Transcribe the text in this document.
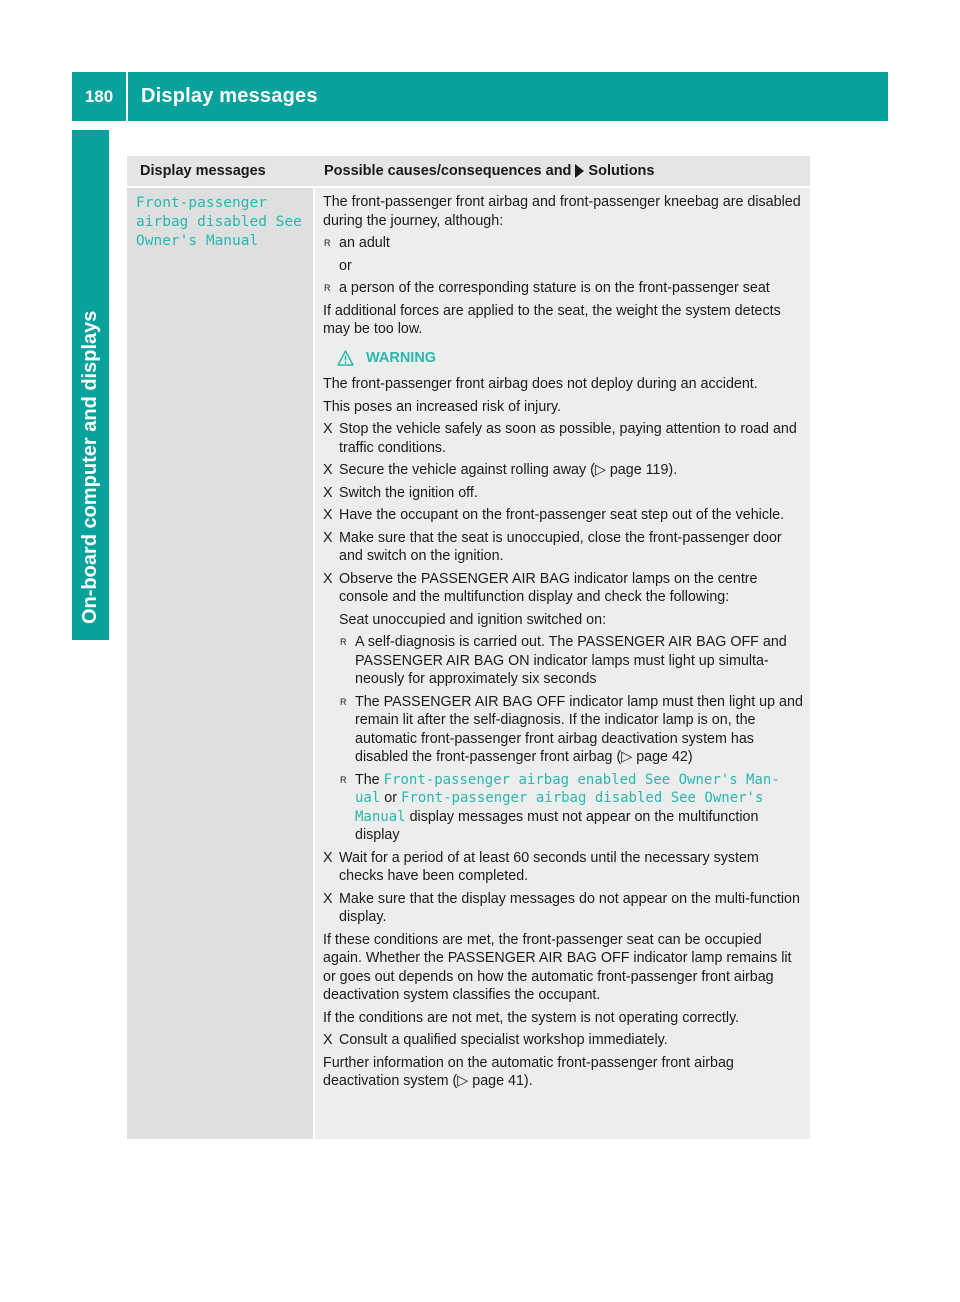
180	Display messages
On-board computer and displays
Display messages	Possible causes/consequences and Solutions
Front-passenger
airbag disabled See
Owner's Manual

The front-passenger front airbag and front-passenger kneebag are disabled during the journey, although:

R an adult

or

R a person of the corresponding stature is on the front-passenger seat

If additional forces are applied to the seat, the weight the system detects may be too low.

WARNING

The front-passenger front airbag does not deploy during an accident.

This poses an increased risk of injury.

X Stop the vehicle safely as soon as possible, paying attention to road and traffic conditions.
X Secure the vehicle against rolling away (▷ page 119).
X Switch the ignition off.
X Have the occupant on the front-passenger seat step out of the vehicle.
X Make sure that the seat is unoccupied, close the front-passenger door and switch on the ignition.
X Observe the PASSENGER AIR BAG indicator lamps on the centre console and the multifunction display and check the following:

Seat unoccupied and ignition switched on:

R A self-diagnosis is carried out. The PASSENGER AIR BAG OFF and PASSENGER AIR BAG ON indicator lamps must light up simulta-neously for approximately six seconds
R The PASSENGER AIR BAG OFF indicator lamp must then light up and remain lit after the self-diagnosis. If the indicator lamp is on, the automatic front-passenger front airbag deactivation system has disabled the front-passenger front airbag (▷ page 42)
R The Front-passenger airbag enabled See Owner's Man‐ual or Front-passenger airbag disabled See Owner's Manual display messages must not appear on the multifunction display
X Wait for a period of at least 60 seconds until the necessary system checks have been completed.
X Make sure that the display messages do not appear on the multi-function display.

If these conditions are met, the front-passenger seat can be occupied again. Whether the PASSENGER AIR BAG OFF indicator lamp remains lit or goes out depends on how the automatic front-passenger front airbag deactivation system classifies the occupant.

If the conditions are not met, the system is not operating correctly.

X Consult a qualified specialist workshop immediately.

Further information on the automatic front-passenger front airbag deactivation system (▷ page 41).
